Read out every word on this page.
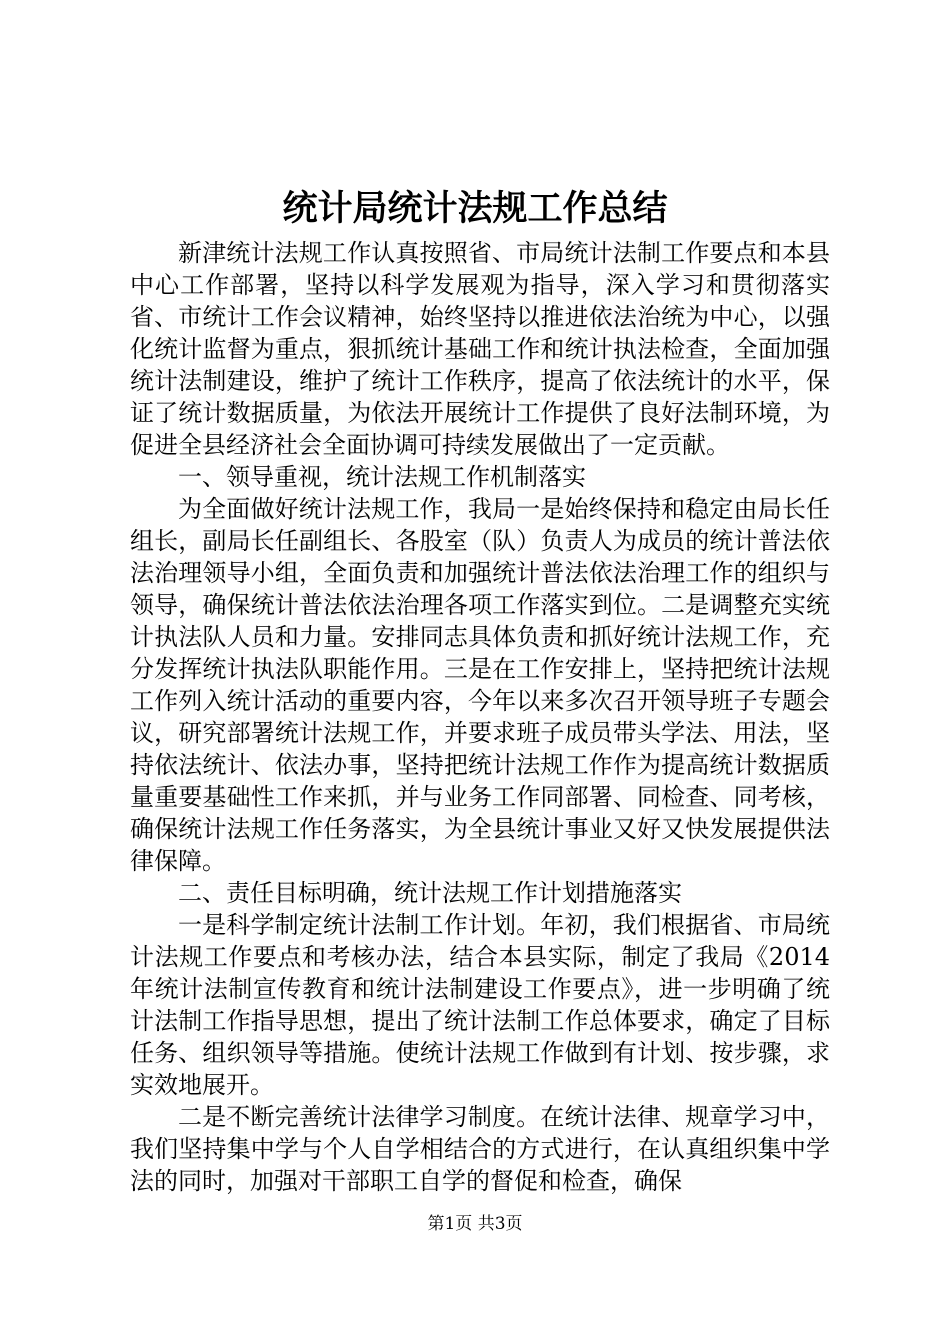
统计局统计法规工作总结

新津统计法规工作认真按照省、市局统计法制工作要点和本县中心工作部署，坚持以科学发展观为指导，深入学习和贯彻落实省、市统计工作会议精神，始终坚持以推进依法治统为中心，以强化统计监督为重点，狠抓统计基础工作和统计执法检查，全面加强统计法制建设，维护了统计工作秩序，提高了依法统计的水平，保证了统计数据质量，为依法开展统计工作提供了良好法制环境，为促进全县经济社会全面协调可持续发展做出了一定贡献。

一、领导重视，统计法规工作机制落实

为全面做好统计法规工作，我局一是始终保持和稳定由局长任组长，副局长任副组长、各股室（队）负责人为成员的统计普法依法治理领导小组，全面负责和加强统计普法依法治理工作的组织与领导，确保统计普法依法治理各项工作落实到位。二是调整充实统计执法队人员和力量。安排同志具体负责和抓好统计法规工作，充分发挥统计执法队职能作用。三是在工作安排上，坚持把统计法规工作列入统计活动的重要内容，今年以来多次召开领导班子专题会议，研究部署统计法规工作，并要求班子成员带头学法、用法，坚持依法统计、依法办事，坚持把统计法规工作作为提高统计数据质量重要基础性工作来抓，并与业务工作同部署、同检查、同考核，确保统计法规工作任务落实，为全县统计事业又好又快发展提供法律保障。

二、责任目标明确，统计法规工作计划措施落实

一是科学制定统计法制工作计划。年初，我们根据省、市局统计法规工作要点和考核办法，结合本县实际，制定了我局《2014年统计法制宣传教育和统计法制建设工作要点》，进一步明确了统计法制工作指导思想，提出了统计法制工作总体要求，确定了目标任务、组织领导等措施。使统计法规工作做到有计划、按步骤，求实效地展开。

二是不断完善统计法律学习制度。在统计法律、规章学习中，我们坚持集中学与个人自学相结合的方式进行，在认真组织集中学法的同时，加强对干部职工自学的督促和检查，确保

第1页 共3页
